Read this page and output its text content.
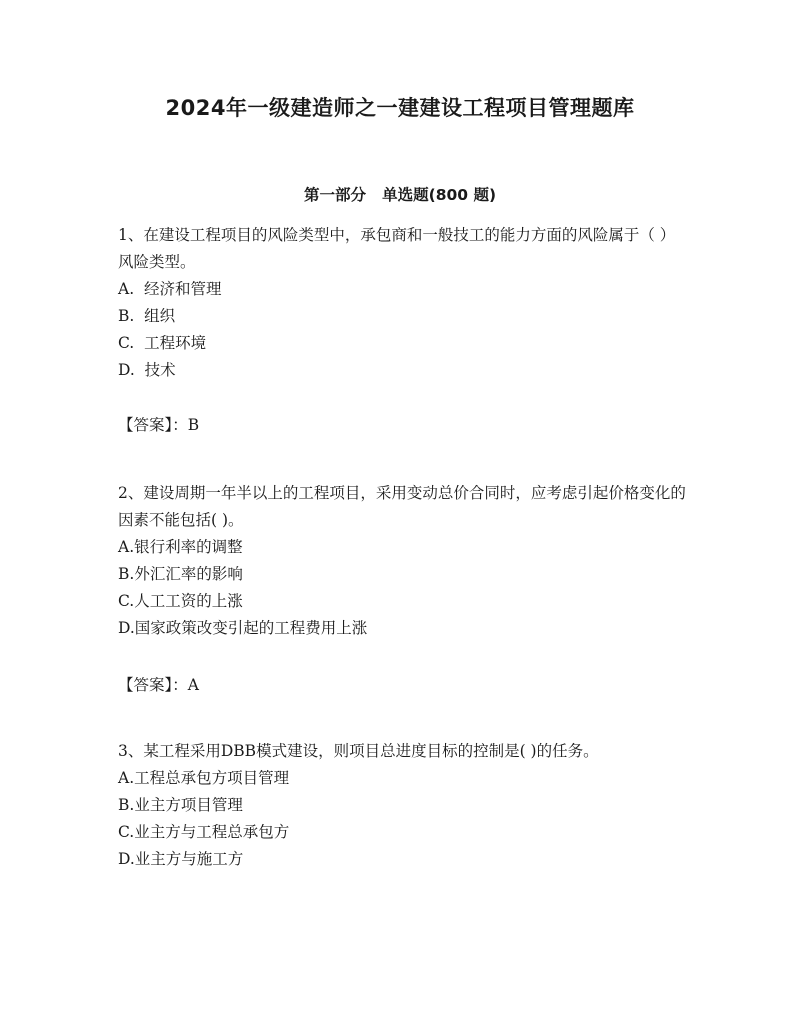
2024年一级建造师之一建建设工程项目管理题库
第一部分   单选题(800 题)

1、在建设工程项目的风险类型中，承包商和一般技工的能力方面的风险属于（ ）风险类型。

A.  经济和管理

B.  组织

C.  工程环境

D.  技术

【答案】：B

2、建设周期一年半以上的工程项目，采用变动总价合同时，应考虑引起价格变化的因素不能包括( )。

A.银行利率的调整

B.外汇汇率的影响

C.人工工资的上涨

D.国家政策改变引起的工程费用上涨

【答案】：A

3、某工程采用DBB模式建设，则项目总进度目标的控制是( )的任务。

A.工程总承包方项目管理

B.业主方项目管理

C.业主方与工程总承包方

D.业主方与施工方
